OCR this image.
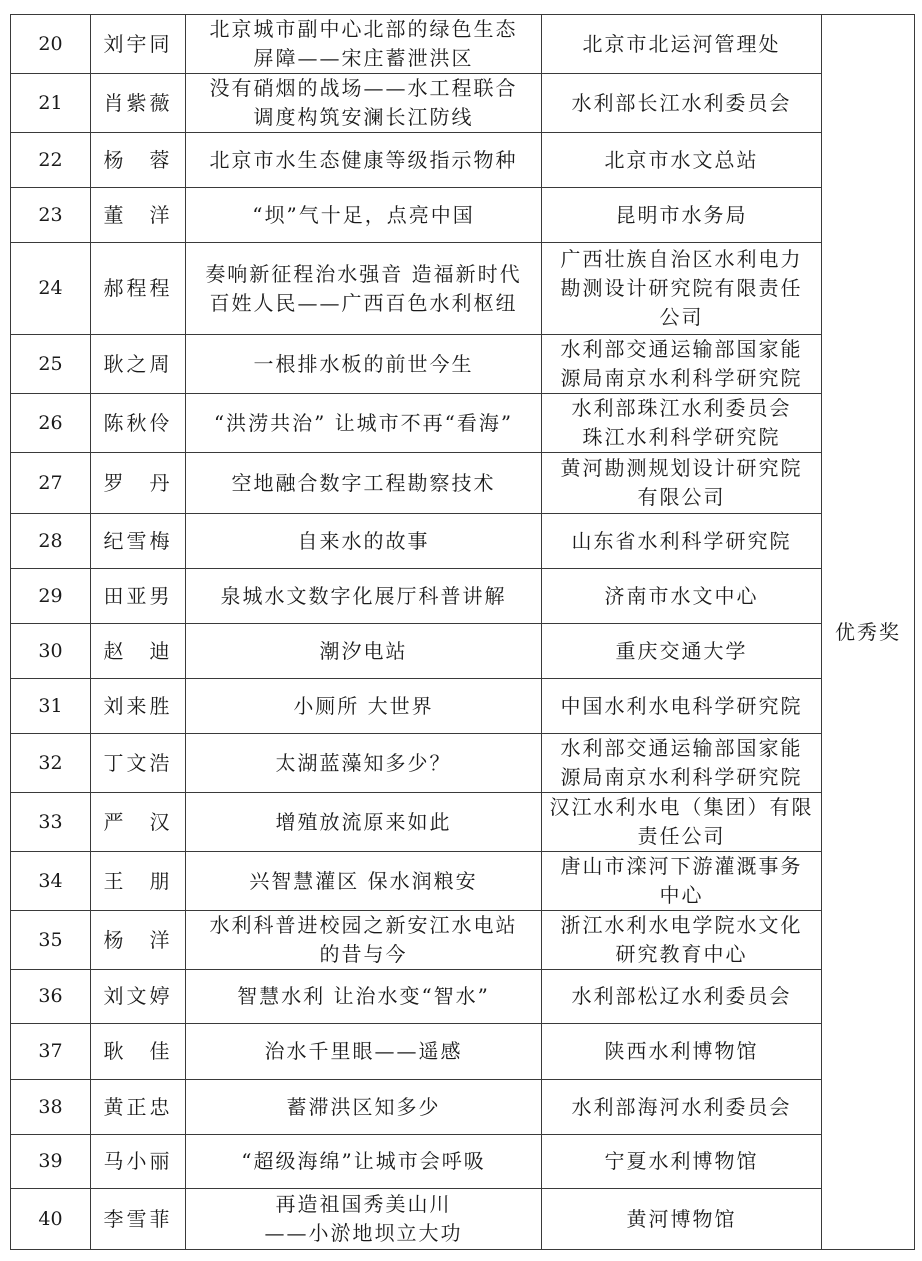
20	刘宇同	北京城市副中心北部的绿色生态
屏障——宋庄蓄泄洪区	北京市北运河管理处	优秀奖
21	肖紫薇	没有硝烟的战场——水工程联合
调度构筑安澜长江防线	水利部长江水利委员会	
22	杨　蓉	北京市水生态健康等级指示物种	北京市水文总站	
23	董　洋	“坝”气十足，点亮中国	昆明市水务局	
24	郝程程	奏响新征程治水强音 造福新时代
百姓人民——广西百色水利枢纽	广西壮族自治区水利电力
勘测设计研究院有限责任
公司	
25	耿之周	一根排水板的前世今生	水利部交通运输部国家能
源局南京水利科学研究院	
26	陈秋伶	“洪涝共治” 让城市不再“看海”	水利部珠江水利委员会
珠江水利科学研究院	
27	罗　丹	空地融合数字工程勘察技术	黄河勘测规划设计研究院
有限公司	
28	纪雪梅	自来水的故事	山东省水利科学研究院	
29	田亚男	泉城水文数字化展厅科普讲解	济南市水文中心	
30	赵　迪	潮汐电站	重庆交通大学	
31	刘来胜	小厕所 大世界	中国水利水电科学研究院	
32	丁文浩	太湖蓝藻知多少？	水利部交通运输部国家能
源局南京水利科学研究院	
33	严　汉	增殖放流原来如此	汉江水利水电（集团）有限
责任公司	
34	王　朋	兴智慧灌区 保水润粮安	唐山市滦河下游灌溉事务
中心	
35	杨　洋	水利科普进校园之新安江水电站
的昔与今	浙江水利水电学院水文化
研究教育中心	
36	刘文婷	智慧水利 让治水变“智水”	水利部松辽水利委员会	
37	耿　佳	治水千里眼——遥感	陕西水利博物馆	
38	黄正忠	蓄滞洪区知多少	水利部海河水利委员会	
39	马小丽	“超级海绵”让城市会呼吸	宁夏水利博物馆	
40	李雪菲	再造祖国秀美山川
——小淤地坝立大功	黄河博物馆	
